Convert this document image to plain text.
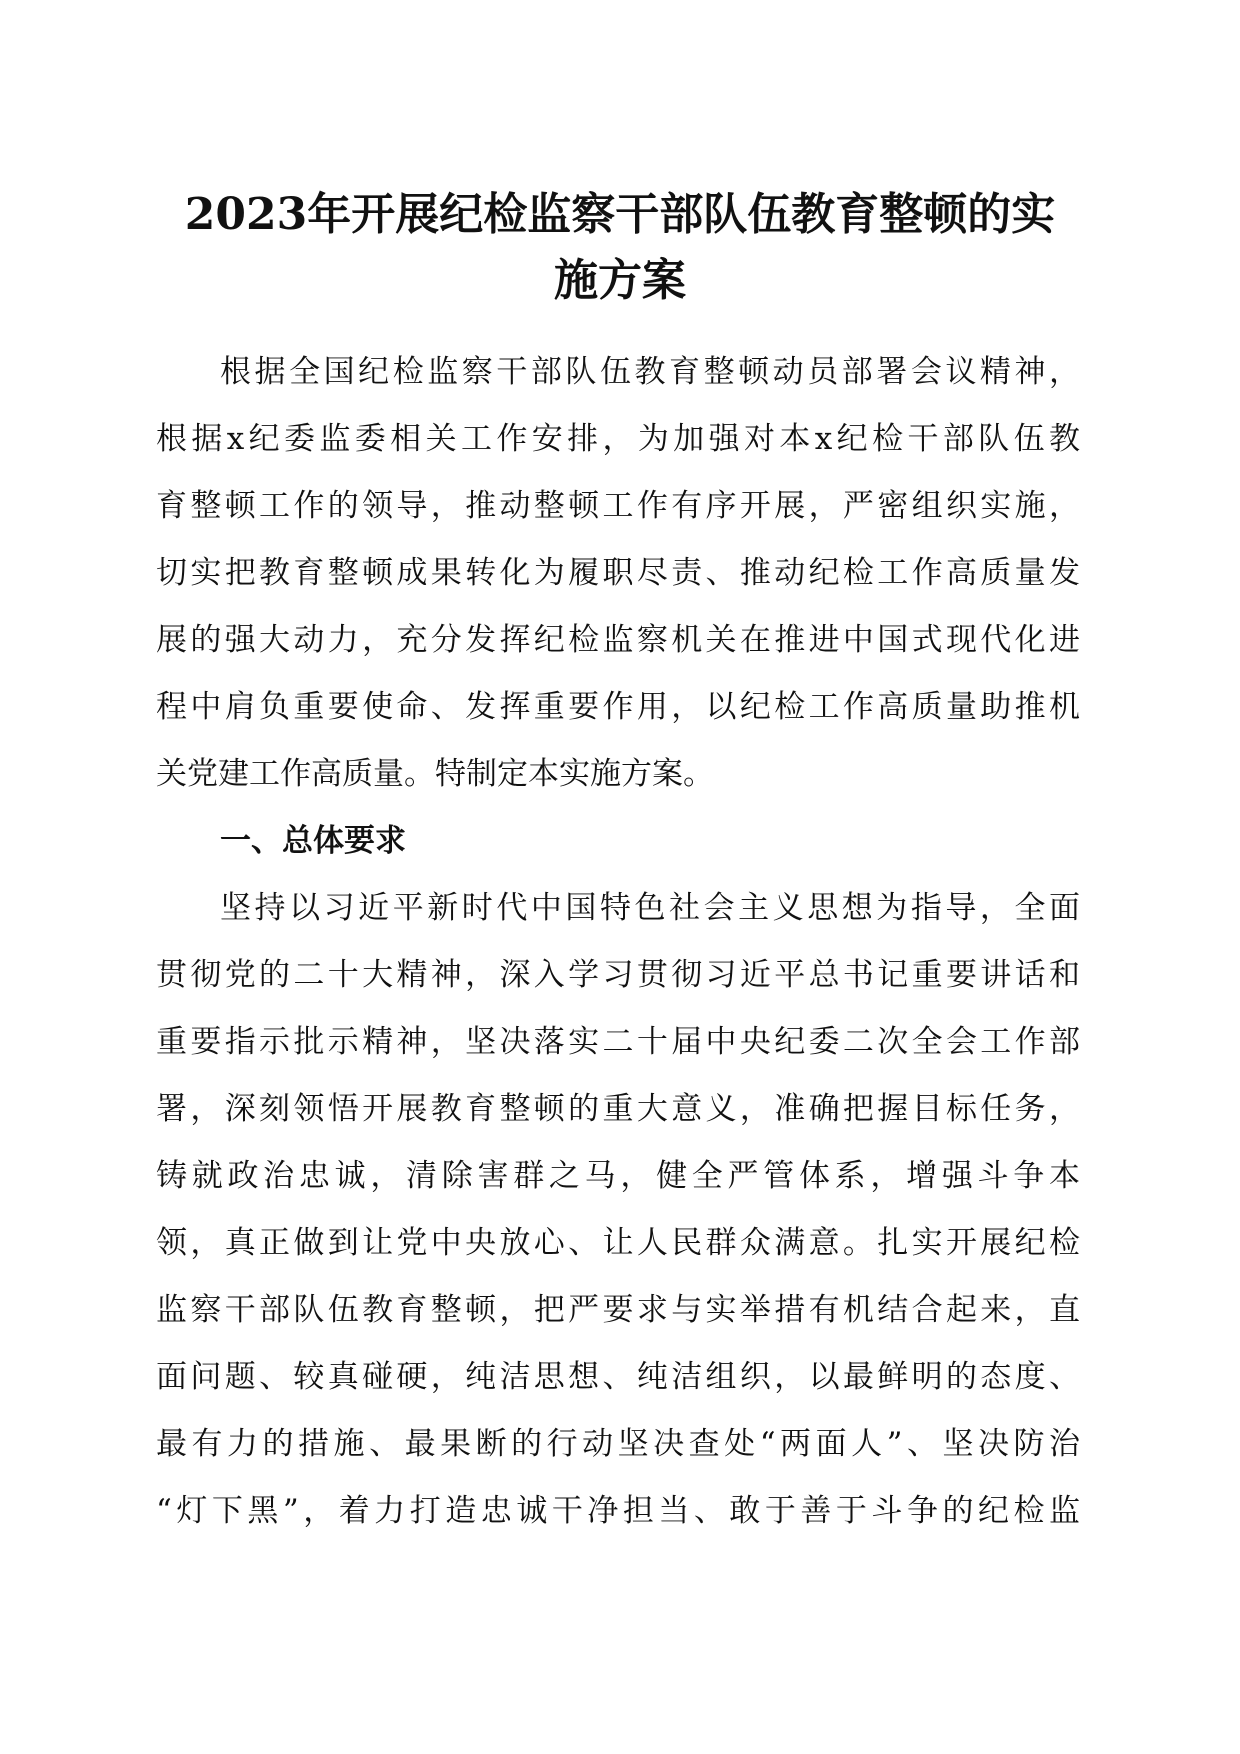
2023年开展纪检监察干部队伍教育整顿的实
施方案

根据全国纪检监察干部队伍教育整顿动员部署会议精神，

根据x纪委监委相关工作安排，为加强对本x纪检干部队伍教

育整顿工作的领导，推动整顿工作有序开展，严密组织实施，

切实把教育整顿成果转化为履职尽责、推动纪检工作高质量发

展的强大动力，充分发挥纪检监察机关在推进中国式现代化进

程中肩负重要使命、发挥重要作用，以纪检工作高质量助推机

关党建工作高质量。特制定本实施方案。

一、总体要求

坚持以习近平新时代中国特色社会主义思想为指导，全面

贯彻党的二十大精神，深入学习贯彻习近平总书记重要讲话和

重要指示批示精神，坚决落实二十届中央纪委二次全会工作部

署，深刻领悟开展教育整顿的重大意义，准确把握目标任务，

铸就政治忠诚，清除害群之马，健全严管体系，增强斗争本

领，真正做到让党中央放心、让人民群众满意。扎实开展纪检

监察干部队伍教育整顿，把严要求与实举措有机结合起来，直

面问题、较真碰硬，纯洁思想、纯洁组织，以最鲜明的态度、

最有力的措施、最果断的行动坚决查处“两面人”、坚决防治

“灯下黑”，着力打造忠诚干净担当、敢于善于斗争的纪检监
